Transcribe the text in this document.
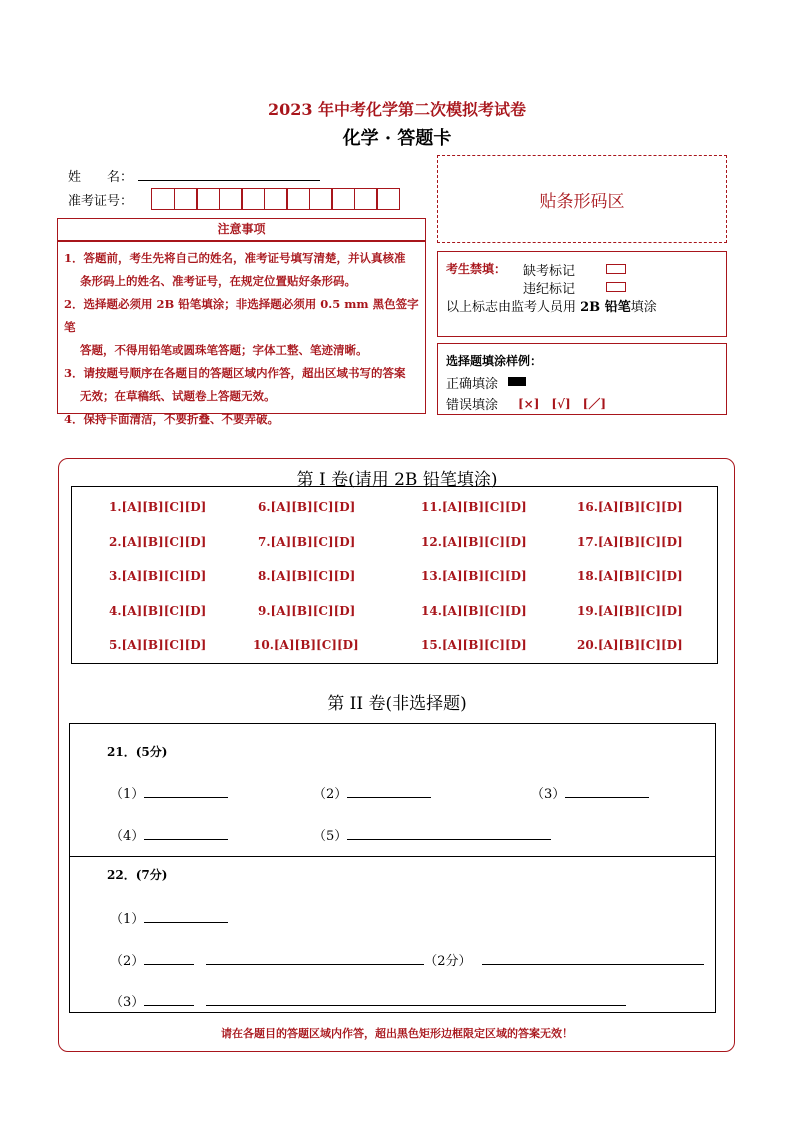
2023 年中考化学第二次模拟考试卷
化学 · 答题卡
姓　　名：
准考证号：	贴条形码区
注意事项
1．答题前，考生先将自己的姓名，准考证号填写清楚，并认真核准
条形码上的姓名、准考证号，在规定位置贴好条形码。
2．选择题必须用 2B 铅笔填涂；非选择题必须用 0.5 mm 黑色签字笔
答题，不得用铅笔或圆珠笔答题；字体工整、笔迹清晰。
3．请按题号顺序在各题目的答题区域内作答，超出区域书写的答案
无效；在草稿纸、试题卷上答题无效。
4．保持卡面清洁，不要折叠、不要弄破。
考生禁填： 缺考标记
违纪标记
以上标志由监考人员用 2B 铅笔填涂
选择题填涂样例：
正确填涂
错误填涂 [×]　[√]　[／]
第 I 卷(请用 2B 铅笔填涂)
1.[A][B][C][D]	6.[A][B][C][D]	11.[A][B][C][D]	16.[A][B][C][D]
2.[A][B][C][D]	7.[A][B][C][D]	12.[A][B][C][D]	17.[A][B][C][D]
3.[A][B][C][D]	8.[A][B][C][D]	13.[A][B][C][D]	18.[A][B][C][D]
4.[A][B][C][D]	9.[A][B][C][D]	14.[A][B][C][D]	19.[A][B][C][D]
5.[A][B][C][D]	10.[A][B][C][D]	15.[A][B][C][D]	20.[A][B][C][D]
第 II 卷(非选择题)
21．(5分)
（1）	（2）	（3）
（4）	（5）
22．(7分)
（1）
（2）	（2分）
（3）
请在各题目的答题区域内作答，超出黑色矩形边框限定区域的答案无效！
